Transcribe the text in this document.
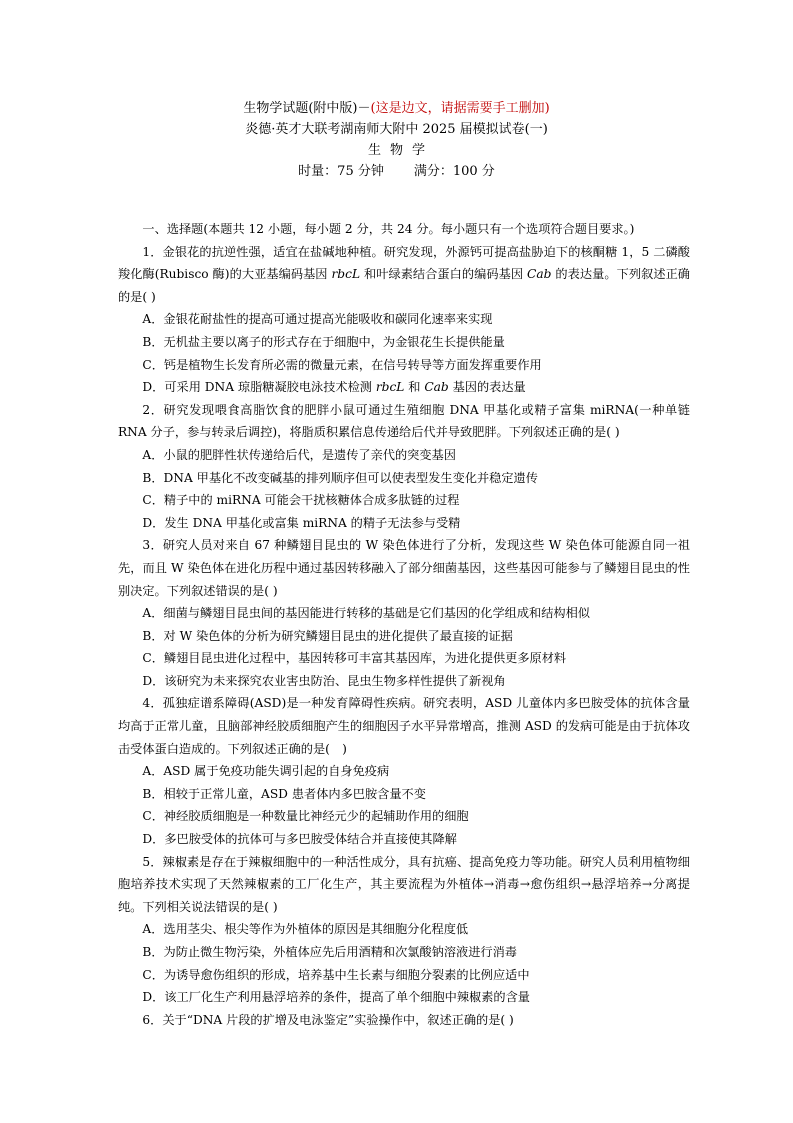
生物学试题(附中版)－(这是边文，请据需要手工删加)
炎德·英才大联考湖南师大附中 2025 届模拟试卷(一)
生物学
时量：75 分钟 满分：100 分
一、选择题(本题共 12 小题，每小题 2 分，共 24 分。每小题只有一个选项符合题目要求。)
1．金银花的抗逆性强，适宜在盐碱地种植。研究发现，外源钙可提高盐胁迫下的核酮糖 1，5 二磷酸羧化酶(Rubisco 酶)的大亚基编码基因 rbcL 和叶绿素结合蛋白的编码基因 Cab 的表达量。下列叙述正确的是( )
A．金银花耐盐性的提高可通过提高光能吸收和碳同化速率来实现
B．无机盐主要以离子的形式存在于细胞中，为金银花生长提供能量
C．钙是植物生长发育所必需的微量元素，在信号转导等方面发挥重要作用
D．可采用 DNA 琼脂糖凝胶电泳技术检测 rbcL 和 Cab 基因的表达量
2．研究发现喂食高脂饮食的肥胖小鼠可通过生殖细胞 DNA 甲基化或精子富集 miRNA(一种单链 RNA 分子，参与转录后调控)，将脂质积累信息传递给后代并导致肥胖。下列叙述正确的是( )
A．小鼠的肥胖性状传递给后代，是遗传了亲代的突变基因
B．DNA 甲基化不改变碱基的排列顺序但可以使表型发生变化并稳定遗传
C．精子中的 miRNA 可能会干扰核糖体合成多肽链的过程
D．发生 DNA 甲基化或富集 miRNA 的精子无法参与受精
3．研究人员对来自 67 种鳞翅目昆虫的 W 染色体进行了分析，发现这些 W 染色体可能源自同一祖先，而且 W 染色体在进化历程中通过基因转移融入了部分细菌基因，这些基因可能参与了鳞翅目昆虫的性别决定。下列叙述错误的是( )
A．细菌与鳞翅目昆虫间的基因能进行转移的基础是它们基因的化学组成和结构相似
B．对 W 染色体的分析为研究鳞翅目昆虫的进化提供了最直接的证据
C．鳞翅目昆虫进化过程中，基因转移可丰富其基因库，为进化提供更多原材料
D．该研究为未来探究农业害虫防治、昆虫生物多样性提供了新视角
4．孤独症谱系障碍(ASD)是一种发育障碍性疾病。研究表明，ASD 儿童体内多巴胺受体的抗体含量均高于正常儿童，且脑部神经胶质细胞产生的细胞因子水平异常增高，推测 ASD 的发病可能是由于抗体攻击受体蛋白造成的。下列叙述正确的是(　)
A．ASD 属于免疫功能失调引起的自身免疫病
B．相较于正常儿童，ASD 患者体内多巴胺含量不变
C．神经胶质细胞是一种数量比神经元少的起辅助作用的细胞
D．多巴胺受体的抗体可与多巴胺受体结合并直接使其降解
5．辣椒素是存在于辣椒细胞中的一种活性成分，具有抗癌、提高免疫力等功能。研究人员利用植物细胞培养技术实现了天然辣椒素的工厂化生产，其主要流程为外植体→消毒→愈伤组织→悬浮培养→分离提纯。下列相关说法错误的是( )
A．选用茎尖、根尖等作为外植体的原因是其细胞分化程度低
B．为防止微生物污染，外植体应先后用酒精和次氯酸钠溶液进行消毒
C．为诱导愈伤组织的形成，培养基中生长素与细胞分裂素的比例应适中
D．该工厂化生产利用悬浮培养的条件，提高了单个细胞中辣椒素的含量
6．关于“DNA 片段的扩增及电泳鉴定”实验操作中，叙述正确的是( )
